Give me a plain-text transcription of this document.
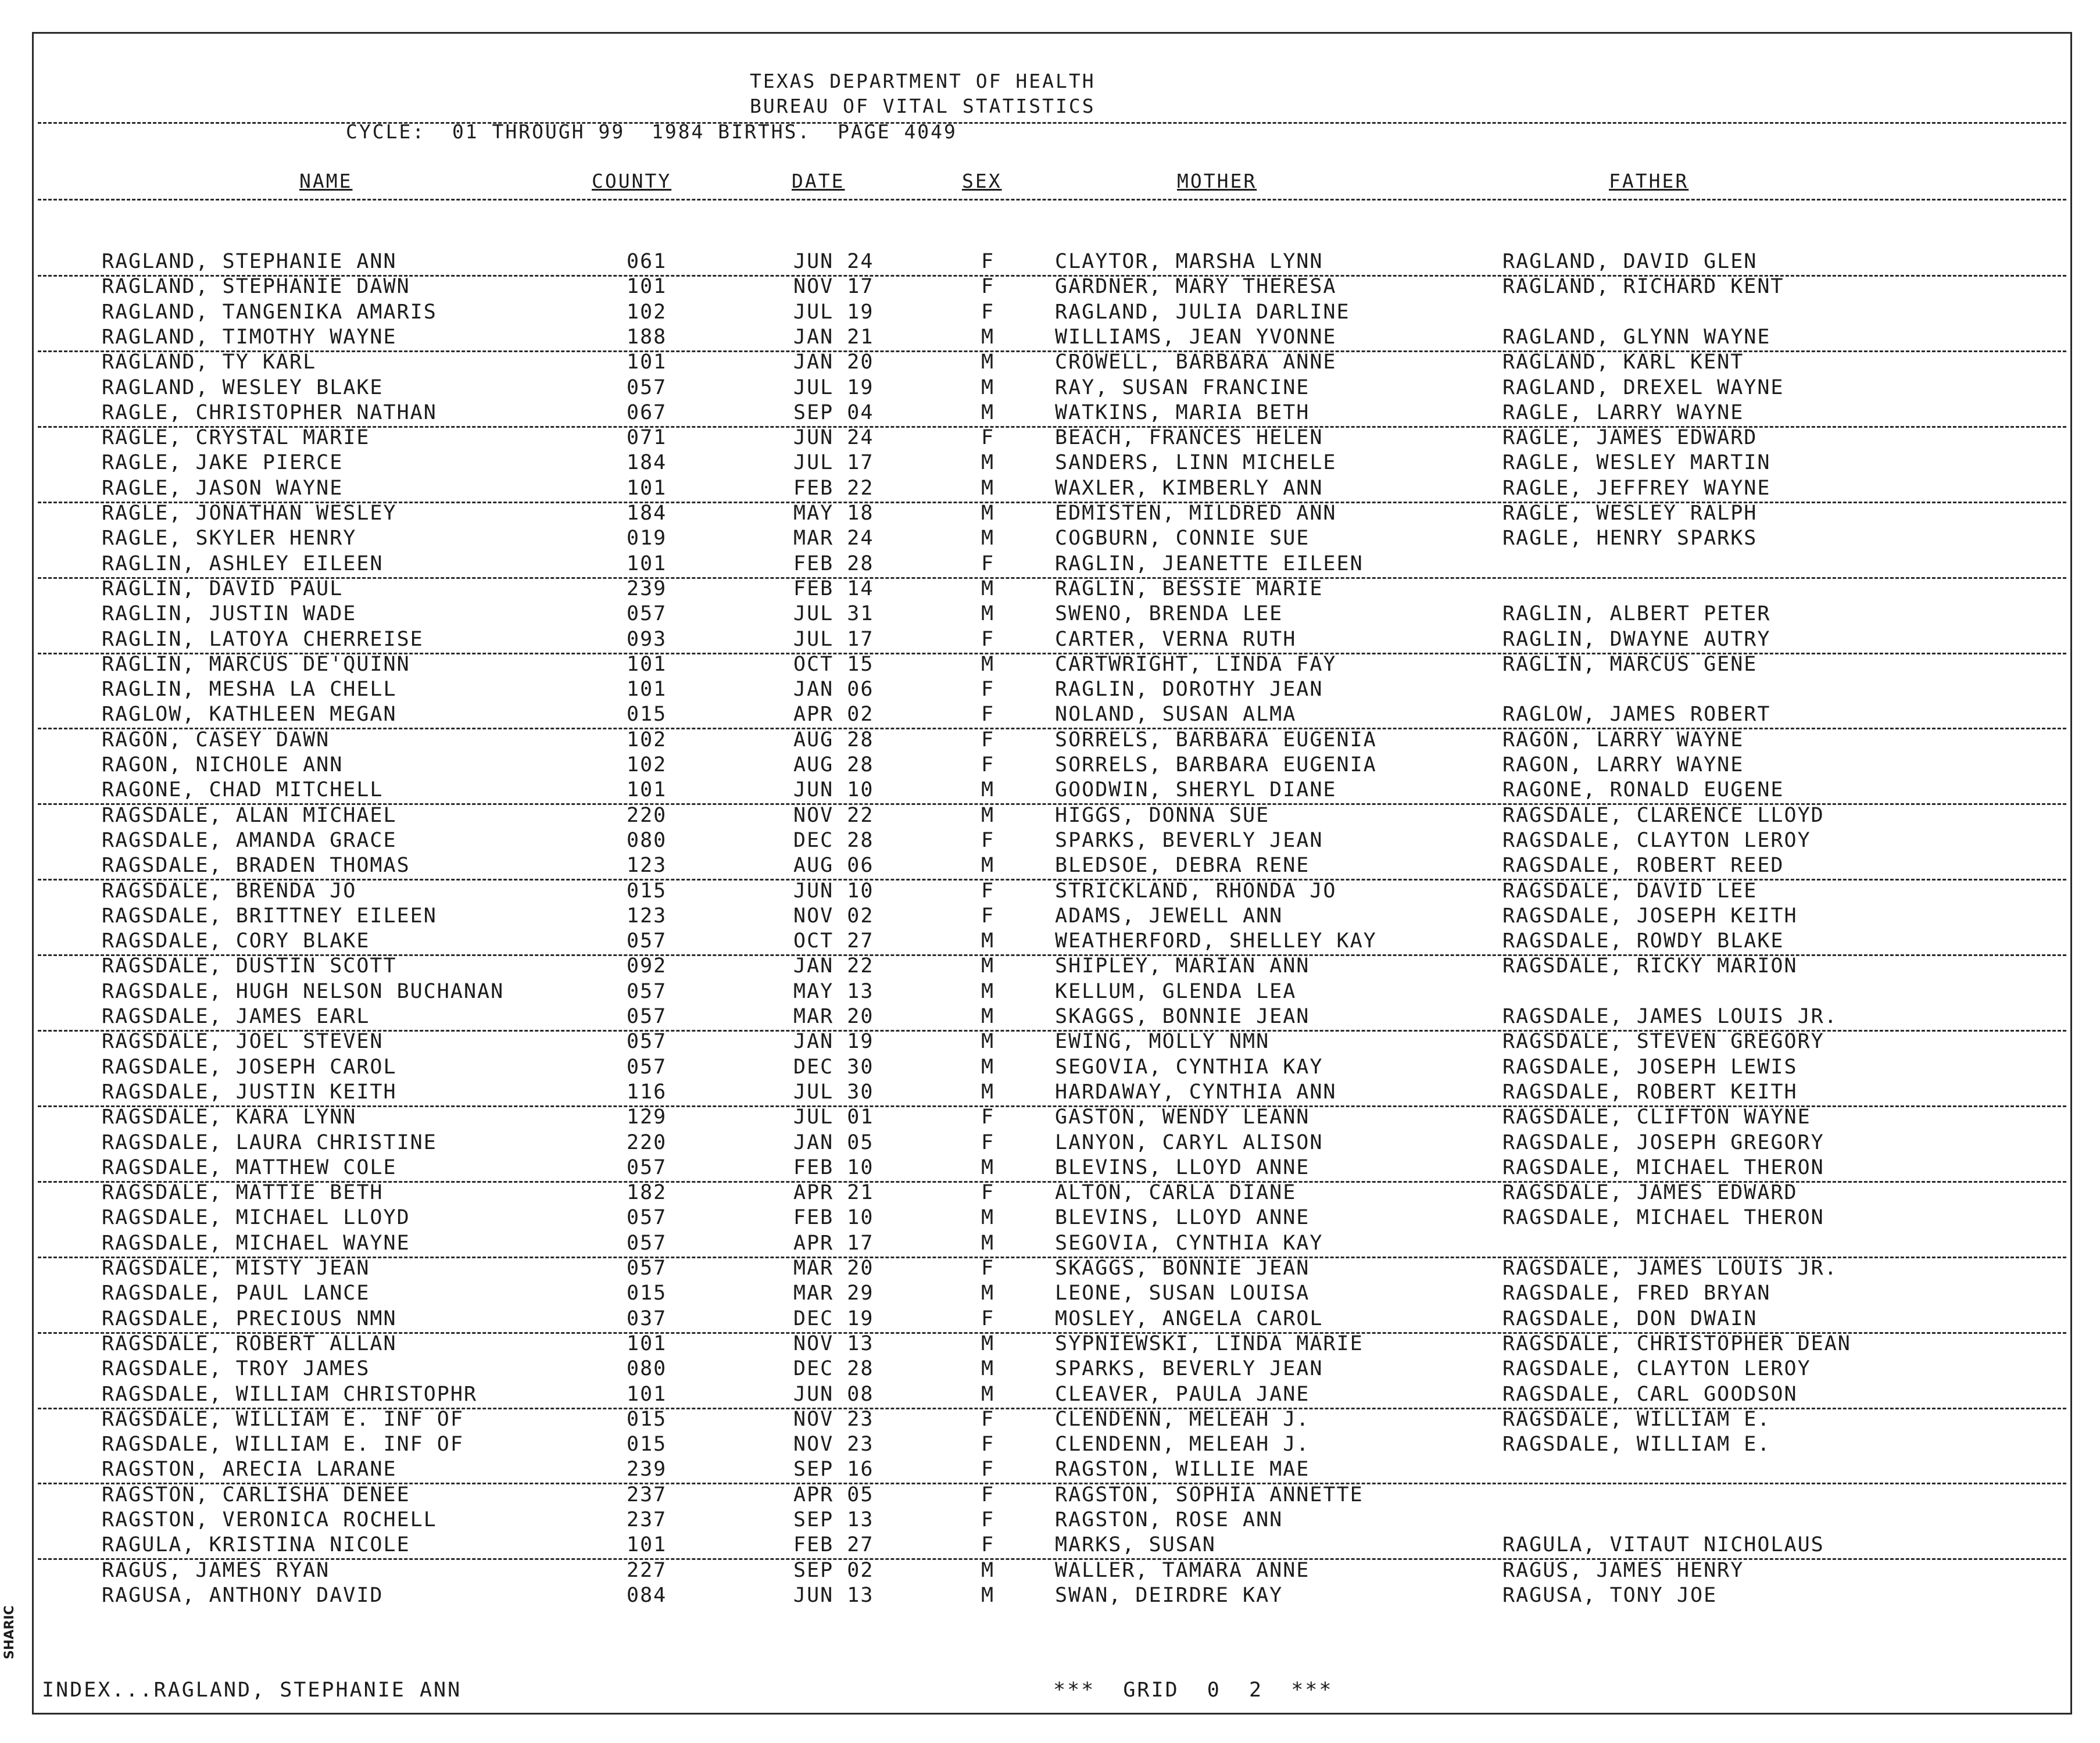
TEXAS DEPARTMENT OF HEALTH
BUREAU OF VITAL STATISTICS
CYCLE:  01 THROUGH 99  1984 BIRTHS.  PAGE 4049
NAME	COUNTY	DATE	SEX	MOTHER	FATHER
RAGLAND, STEPHANIE ANN	061	JUN 24	F	CLAYTOR, MARSHA LYNN	RAGLAND, DAVID GLEN
RAGLAND, STEPHANIE DAWN	101	NOV 17	F	GARDNER, MARY THERESA	RAGLAND, RICHARD KENT
RAGLAND, TANGENIKA AMARIS	102	JUL 19	F	RAGLAND, JULIA DARLINE
RAGLAND, TIMOTHY WAYNE	188	JAN 21	M	WILLIAMS, JEAN YVONNE	RAGLAND, GLYNN WAYNE
RAGLAND, TY KARL	101	JAN 20	M	CROWELL, BARBARA ANNE	RAGLAND, KARL KENT
RAGLAND, WESLEY BLAKE	057	JUL 19	M	RAY, SUSAN FRANCINE	RAGLAND, DREXEL WAYNE
RAGLE, CHRISTOPHER NATHAN	067	SEP 04	M	WATKINS, MARIA BETH	RAGLE, LARRY WAYNE
RAGLE, CRYSTAL MARIE	071	JUN 24	F	BEACH, FRANCES HELEN	RAGLE, JAMES EDWARD
RAGLE, JAKE PIERCE	184	JUL 17	M	SANDERS, LINN MICHELE	RAGLE, WESLEY MARTIN
RAGLE, JASON WAYNE	101	FEB 22	M	WAXLER, KIMBERLY ANN	RAGLE, JEFFREY WAYNE
RAGLE, JONATHAN WESLEY	184	MAY 18	M	EDMISTEN, MILDRED ANN	RAGLE, WESLEY RALPH
RAGLE, SKYLER HENRY	019	MAR 24	M	COGBURN, CONNIE SUE	RAGLE, HENRY SPARKS
RAGLIN, ASHLEY EILEEN	101	FEB 28	F	RAGLIN, JEANETTE EILEEN
RAGLIN, DAVID PAUL	239	FEB 14	M	RAGLIN, BESSIE MARIE
RAGLIN, JUSTIN WADE	057	JUL 31	M	SWENO, BRENDA LEE	RAGLIN, ALBERT PETER
RAGLIN, LATOYA CHERREISE	093	JUL 17	F	CARTER, VERNA RUTH	RAGLIN, DWAYNE AUTRY
RAGLIN, MARCUS DE'QUINN	101	OCT 15	M	CARTWRIGHT, LINDA FAY	RAGLIN, MARCUS GENE
RAGLIN, MESHA LA CHELL	101	JAN 06	F	RAGLIN, DOROTHY JEAN
RAGLOW, KATHLEEN MEGAN	015	APR 02	F	NOLAND, SUSAN ALMA	RAGLOW, JAMES ROBERT
RAGON, CASEY DAWN	102	AUG 28	F	SORRELS, BARBARA EUGENIA	RAGON, LARRY WAYNE
RAGON, NICHOLE ANN	102	AUG 28	F	SORRELS, BARBARA EUGENIA	RAGON, LARRY WAYNE
RAGONE, CHAD MITCHELL	101	JUN 10	M	GOODWIN, SHERYL DIANE	RAGONE, RONALD EUGENE
RAGSDALE, ALAN MICHAEL	220	NOV 22	M	HIGGS, DONNA SUE	RAGSDALE, CLARENCE LLOYD
RAGSDALE, AMANDA GRACE	080	DEC 28	F	SPARKS, BEVERLY JEAN	RAGSDALE, CLAYTON LEROY
RAGSDALE, BRADEN THOMAS	123	AUG 06	M	BLEDSOE, DEBRA RENE	RAGSDALE, ROBERT REED
RAGSDALE, BRENDA JO	015	JUN 10	F	STRICKLAND, RHONDA JO	RAGSDALE, DAVID LEE
RAGSDALE, BRITTNEY EILEEN	123	NOV 02	F	ADAMS, JEWELL ANN	RAGSDALE, JOSEPH KEITH
RAGSDALE, CORY BLAKE	057	OCT 27	M	WEATHERFORD, SHELLEY KAY	RAGSDALE, ROWDY BLAKE
RAGSDALE, DUSTIN SCOTT	092	JAN 22	M	SHIPLEY, MARIAN ANN	RAGSDALE, RICKY MARION
RAGSDALE, HUGH NELSON BUCHANAN	057	MAY 13	M	KELLUM, GLENDA LEA
RAGSDALE, JAMES EARL	057	MAR 20	M	SKAGGS, BONNIE JEAN	RAGSDALE, JAMES LOUIS JR.
RAGSDALE, JOEL STEVEN	057	JAN 19	M	EWING, MOLLY NMN	RAGSDALE, STEVEN GREGORY
RAGSDALE, JOSEPH CAROL	057	DEC 30	M	SEGOVIA, CYNTHIA KAY	RAGSDALE, JOSEPH LEWIS
RAGSDALE, JUSTIN KEITH	116	JUL 30	M	HARDAWAY, CYNTHIA ANN	RAGSDALE, ROBERT KEITH
RAGSDALE, KARA LYNN	129	JUL 01	F	GASTON, WENDY LEANN	RAGSDALE, CLIFTON WAYNE
RAGSDALE, LAURA CHRISTINE	220	JAN 05	F	LANYON, CARYL ALISON	RAGSDALE, JOSEPH GREGORY
RAGSDALE, MATTHEW COLE	057	FEB 10	M	BLEVINS, LLOYD ANNE	RAGSDALE, MICHAEL THERON
RAGSDALE, MATTIE BETH	182	APR 21	F	ALTON, CARLA DIANE	RAGSDALE, JAMES EDWARD
RAGSDALE, MICHAEL LLOYD	057	FEB 10	M	BLEVINS, LLOYD ANNE	RAGSDALE, MICHAEL THERON
RAGSDALE, MICHAEL WAYNE	057	APR 17	M	SEGOVIA, CYNTHIA KAY
RAGSDALE, MISTY JEAN	057	MAR 20	F	SKAGGS, BONNIE JEAN	RAGSDALE, JAMES LOUIS JR.
RAGSDALE, PAUL LANCE	015	MAR 29	M	LEONE, SUSAN LOUISA	RAGSDALE, FRED BRYAN
RAGSDALE, PRECIOUS NMN	037	DEC 19	F	MOSLEY, ANGELA CAROL	RAGSDALE, DON DWAIN
RAGSDALE, ROBERT ALLAN	101	NOV 13	M	SYPNIEWSKI, LINDA MARIE	RAGSDALE, CHRISTOPHER DEAN
RAGSDALE, TROY JAMES	080	DEC 28	M	SPARKS, BEVERLY JEAN	RAGSDALE, CLAYTON LEROY
RAGSDALE, WILLIAM CHRISTOPHR	101	JUN 08	M	CLEAVER, PAULA JANE	RAGSDALE, CARL GOODSON
RAGSDALE, WILLIAM E. INF OF	015	NOV 23	F	CLENDENN, MELEAH J.	RAGSDALE, WILLIAM E.
RAGSDALE, WILLIAM E. INF OF	015	NOV 23	F	CLENDENN, MELEAH J.	RAGSDALE, WILLIAM E.
RAGSTON, ARECIA LARANE	239	SEP 16	F	RAGSTON, WILLIE MAE
RAGSTON, CARLISHA DENEE	237	APR 05	F	RAGSTON, SOPHIA ANNETTE
RAGSTON, VERONICA ROCHELL	237	SEP 13	F	RAGSTON, ROSE ANN
RAGULA, KRISTINA NICOLE	101	FEB 27	F	MARKS, SUSAN	RAGULA, VITAUT NICHOLAUS
RAGUS, JAMES RYAN	227	SEP 02	M	WALLER, TAMARA ANNE	RAGUS, JAMES HENRY
RAGUSA, ANTHONY DAVID	084	JUN 13	M	SWAN, DEIRDRE KAY	RAGUSA, TONY JOE
INDEX...RAGLAND, STEPHANIE ANN	***  GRID  0  2  ***
SHARIC
